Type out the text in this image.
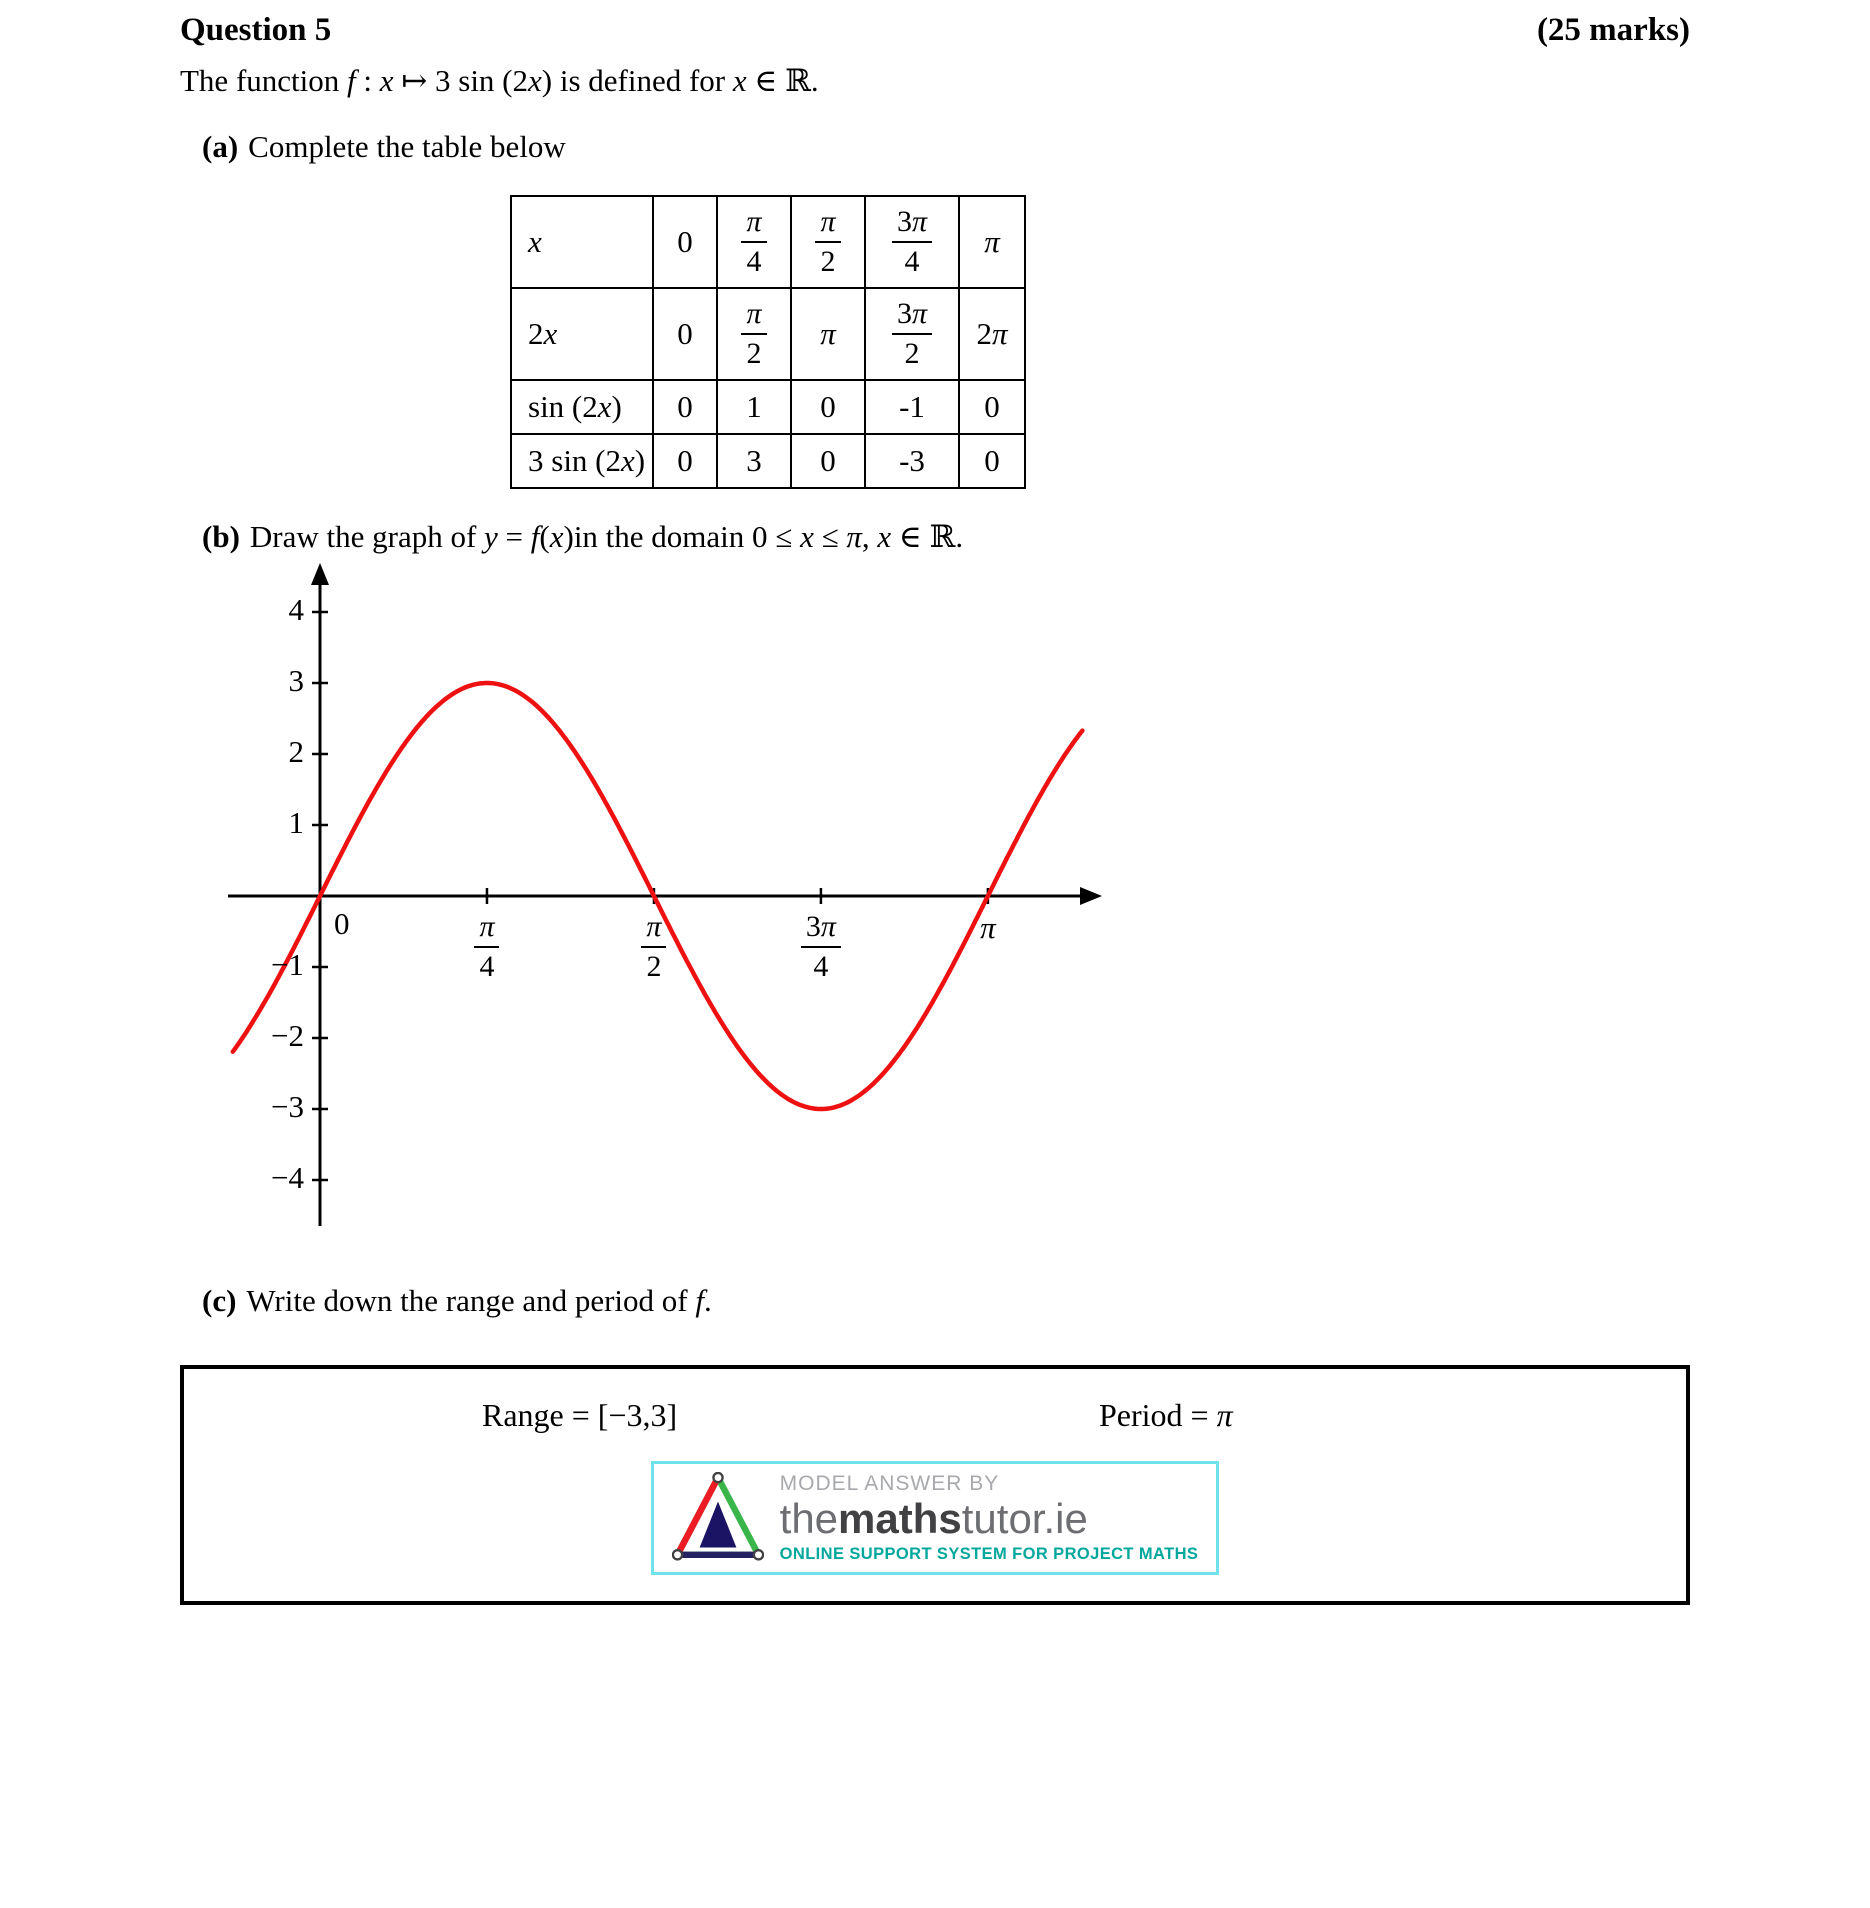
Question 5	(25 marks)

The function f : x ↦ 3 sin (2x) is defined for x ∈ ℝ.

(a) Complete the table below

x	0	$\frac{\pi}{4}$	$\frac{\pi}{2}$	$\frac{3\pi}{4}$	π
2x	0	$\frac{\pi}{2}$	π	$\frac{3\pi}{2}$	2π
sin (2x)	0	1	0	-1	0
3 sin (2x)	0	3	0	-3	0

(b) Draw the graph of y = f(x)in the domain 0 ≤ x ≤ π, x ∈ ℝ.

4
3
2
1
−1
−2
−3
−4
0	$\frac{\pi}{4}$	$\frac{\pi}{2}$	$\frac{3\pi}{4}$	π

(c) Write down the range and period of f.

Range = [−3,3]	Period = π
MODEL ANSWER BY
themathstutor.ie
ONLINE SUPPORT SYSTEM FOR PROJECT MATHS
